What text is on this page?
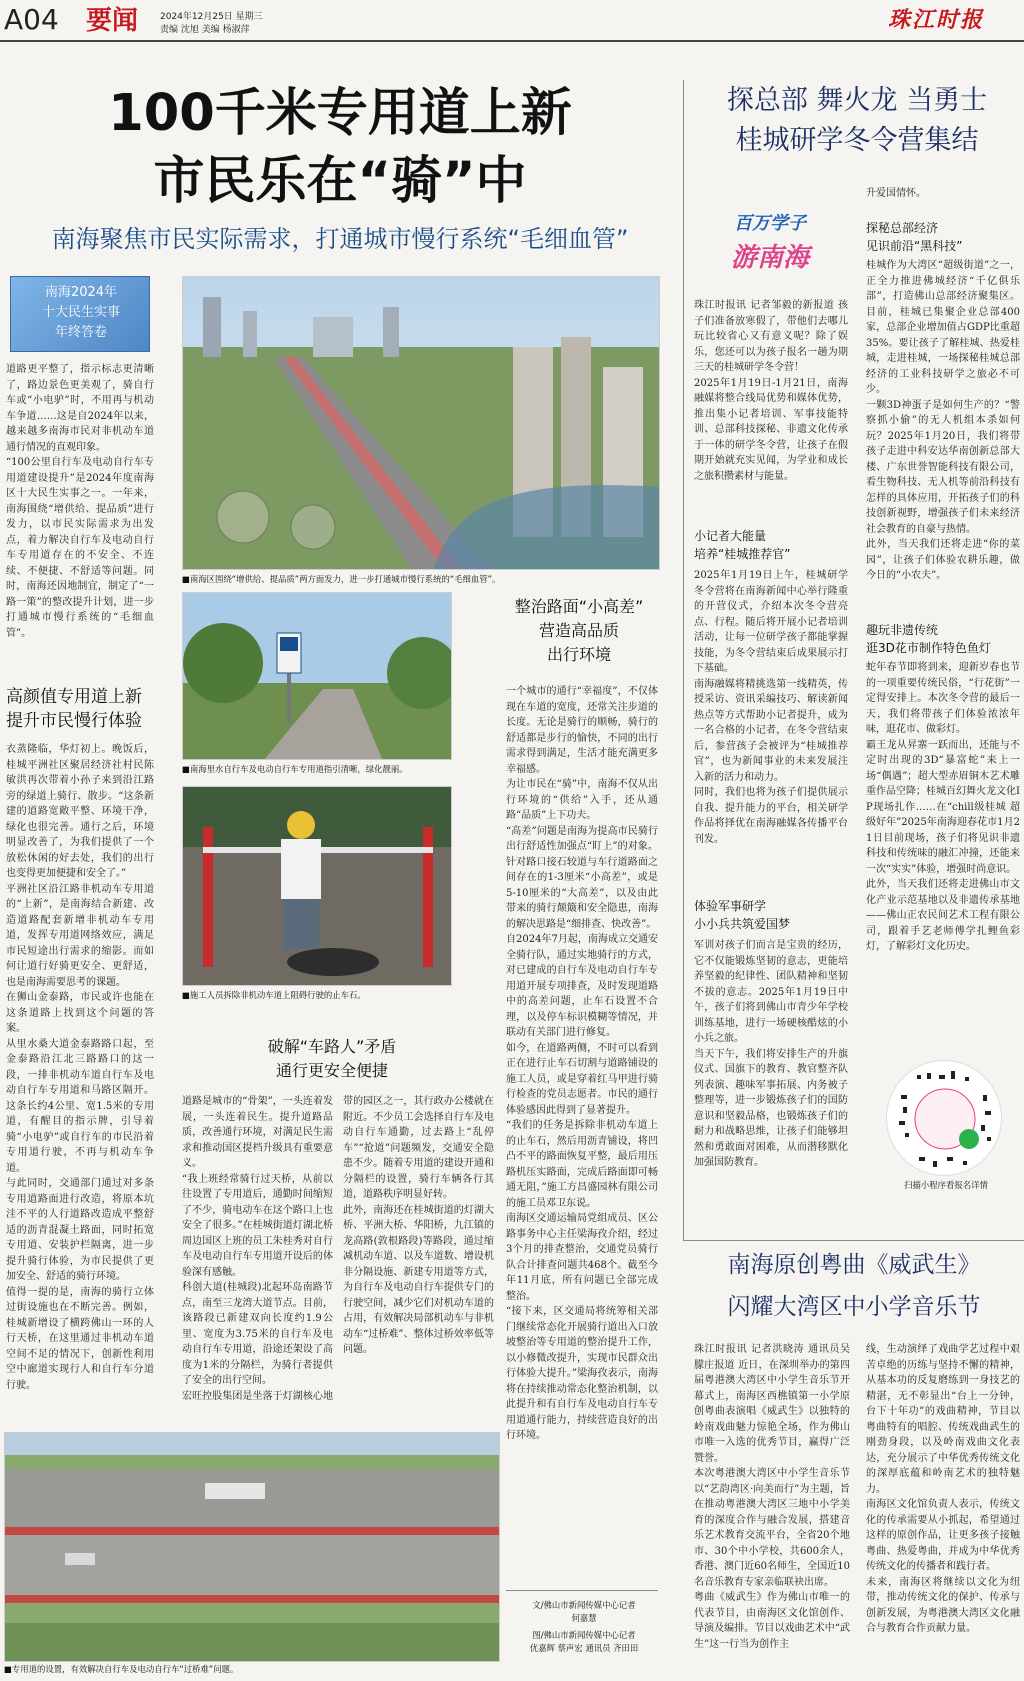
A04 要闻 2024年12月25日 星期三
责编 沈旭 美编 杨淑萍	珠江时报
100千米专用道上新
市民乐在“骑”中
南海聚焦市民实际需求，打通城市慢行系统“毛细血管”
探总部 舞火龙 当勇士
桂城研学冬令营集结
南海2024年
十大民生实事
年终答卷
道路更平整了，指示标志更清晰了，路边景色更美观了，骑自行车或“小电驴”时，不用再与机动车争道……这是自2024年以来，越来越多南海市民对非机动车道通行情况的直观印象。
“100公里自行车及电动自行车专用道建设提升”是2024年度南海区十大民生实事之一。一年来，南海围绕“增供给、提品质”进行发力，以市民实际需求为出发点，着力解决自行车及电动自行车专用道存在的不安全、不连续、不便捷、不舒适等问题。同时，南海还因地制宜，制定了“一路一策”的整改提升计划，进一步打通城市慢行系统的“毛细血管”。
高颜值专用道上新
提升市民慢行体验
衣蒸隆临，华灯初上。晚饭后，桂城平洲社区聚居经济社村民陈敏洪再次带着小孙子来到沿江路旁的绿道上骑行、散步。“这条新建的道路宽敞平整、环境干净，绿化也很完善。通行之后，环境明显改善了，为我们提供了一个放松休闲的好去处，我们的出行也变得更加便捷和安全了。”
平洲社区沿江路非机动车专用道的“上新”，是南海结合新建、改造道路配套新增非机动车专用道，发挥专用道网络效应，满足市民短途出行需求的缩影。而如何让道行好骑更安全、更舒适，也是南海需要思考的课题。
在狮山金泰路，市民或许也能在这条道路上找到这个问题的答案。
从里水桑大道金泰路路口起，至金泰路沿江北三路路口的这一段，一排非机动车道自行车及电动自行车专用道和马路区隔开。这条长约4公里、宽1.5米的专用道，有醒目的指示牌，引导着骑“小电驴”或自行车的市民沿着专用道行驶，不再与机动车争道。
与此同时，交通部门通过对多条专用道路面进行改造，将原本坑洼不平的人行道路改造成平整舒适的沥青混凝土路面，同时拓宽专用道、安装护栏隔离，进一步提升骑行体验，为市民提供了更加安全、舒适的骑行环境。
值得一提的是，南海的骑行立体过街设施也在不断完善。例如，桂城新增设了横跨佛山一环的人行天桥，在这里通过非机动车道空间不足的情况下，创新性利用空中廊道实现行人和自行车分道行驶。
■南海区围绕“增供给、提品质”两方面发力，进一步打通城市慢行系统的“毛细血管”。
■南海里水自行车及电动自行车专用道指引清晰，绿化靓丽。
■施工人员拆除非机动车道上阻碍行驶的止车石。
整治路面“小高差”
营造高品质
出行环境
一个城市的通行“幸福度”，不仅体现在车道的宽度，还常关注步道的长度。无论是骑行的顺畅，骑行的舒适都是步行的愉快，不同的出行需求得到满足，生活才能充满更多幸福感。
为让市民在“骑”中，南海不仅从出行环境的“供给”入手，还从通路“品质”上下功夫。
“高差”问题是南海为提高市民骑行出行舒适性加强点“盯上”的对象。针对路口接石较道与车行道路面之间存在的1-3厘米“小高差”，或是5-10厘米的“大高差”，以及由此带来的骑行颠簸和安全隐患，南海的解决思路是“细排查、快改善”。
自2024年7月起，南海成立交通安全骑行队，通过实地骑行的方式，对已建成的自行车及电动自行车专用道开展专项排查，及时发现道路中的高差问题，止车石设置不合理，以及停车标识模糊等情况，并联动有关部门进行修复。
如今，在道路两侧，不时可以看到正在进行止车石切割与道路铺设的施工人员，或是穿着红马甲进行骑行检查的党员志愿者。市民的通行体验感因此得到了显著提升。
“我们的任务是拆除非机动车道上的止车石，然后用沥青铺设，将凹凸不平的路面恢复平整，最后用压路机压实路面，完成后路面即可畅通无阻，”施工方昌盛园林有限公司的施工员邓卫东说。
南海区交通运输局党组成员、区公路事务中心主任梁海孜介绍，经过3个月的排查整治，交通党员骑行队合计排查问题共468个。截至今年11月底，所有问题已全部完成整治。
“接下来，区交通局将统筹相关部门继续常态化开展骑行道出入口放坡整治等专用道的整治提升工作，以小修微改提升，实现市民群众出行体验大提升。”梁海孜表示，南海将在持续推动常态化整治机制，以此提升和有自行车及电动自行车专用道通行能力，持续营造良好的出行环境。
破解“车路人”矛盾
通行更安全便捷
道路是城市的“骨架”，一头连着发展，一头连着民生。提升道路品质，改善通行环境，对满足民生需求和推动国区提档升级具有重要意义。
“我上班经常骑行过天桥，从前以往设置了专用道后，通勤时间缩短了不少，骑电动车在这个路口上也安全了很多。”在桂城街道灯湖北桥周边国区上班的员工朱桂秀对自行车及电动自行车专用道开设后的体验深有感触。
科创大道(桂城段)北起环岛南路节点，南至三龙湾大道节点。目前，该路段已新建双向长度约1.9公里、宽度为3.75米的自行车及电动自行车专用道，沿途还架设了高度为1米的分隔栏，为骑行者提供了安全的出行空间。
宏旺控股集团是坐落于灯湖核心地带的园区之一，其行政办公楼就在附近。不少员工会选择自行车及电动自行车通勤，过去路上“乱停车”“抢道”问题频发，交通安全隐患不少。随着专用道的建设开通和分隔栏的设置，骑行车辆各行其道，道路秩序明显好转。
此外，南海还在桂城街道的灯湖大桥、平洲大桥、华阳桥，九江镇的龙高路(敦根路段)等路段，通过缩减机动车道、以及车道数、增设机非分隔设施、新建专用道等方式，为自行车及电动自行车提供专门的行驶空间，减少它们对机动车道的占用，有效解决局部机动车与非机动车“过桥难”、整体过桥效率低等问题。
■专用道的设置，有效解决自行车及电动自行车“过桥难”问题。
文/佛山市新闻传媒中心记者
何嘉慧
图/佛山市新闻传媒中心记者
优嘉辉 蔡声宏 通讯员 齐田田
百万学子
游南海
珠江时报讯 记者邹毅的新报道 孩子们准备放寒假了，带他们去哪儿玩比较省心又有意义呢？除了娱乐，您还可以为孩子报名一趟为期三天的桂城研学冬令营！
2025年1月19日-1月21日，南海融媒将整合线局优势和媒体优势，推出集小记者培训、军事技能特训、总部科技探秘、非遗文化传承于一体的研学冬令营，让孩子在假期开始就充实见闻，为学业和成长之旅积攒素材与能量。
小记者大能量
培养“桂城推荐官”
2025年1月19日上午，桂城研学冬令营将在南海新闻中心举行隆重的开营仪式，介绍本次冬令营亮点、行程。随后将开展小记者培训活动，让每一位研学孩子都能掌握技能，为冬令营结束后成果展示打下基础。
南海融媒将精挑选第一线精英，传授采访、资讯采编技巧、解读新闻热点等方式帮助小记者提升，成为一名合格的小记者，在冬令营结束后，参营孩子会被评为“桂城推荐官”，也为新闻事业的未来发展注入新的活力和动力。
同时，我们也将为孩子们提供展示自我、提升能力的平台，相关研学作品将择优在南海融媒各传播平台刊发。
体验军事研学
小小兵共筑爱国梦
军训对孩子们而言是宝贵的经历，它不仅能锻炼坚韧的意志，更能培养坚毅的纪律性、团队精神和坚韧不拔的意志。2025年1月19日中午，孩子们将到佛山市青少年学校训练基地，进行一场硬核酷炫的小小兵之旅。
当天下午，我们将安排生产的升旗仪式、国旗下的教育、教官整齐队列表演、趣味军事拓展、内务被子整理等，进一步锻炼孩子们的国防意识和坚毅品格，也锻炼孩子们的耐力和战略思维，让孩子们能够坦然和勇敢面对困难，从而潜移默化加强国防教育。
升爱国情怀。
探秘总部经济
见识前沿“黑科技”
桂城作为大湾区“超级街道”之一，正全力推进佛城经济“千亿俱乐部”，打造佛山总部经济聚集区。目前，桂城已集聚企业总部400家，总部企业增加值占GDP比重超35%。要让孩子了解桂城、热爱桂城，走进桂城，一场探秘桂城总部经济的工业科技研学之旅必不可少。
一颗3D神蛋子是如何生产的？“警察抓小偷”的无人机组本杀如何玩？2025年1月20日，我们将带孩子走进中科安达华南创新总部大楼、广东世誉智能科技有限公司，看生物科技、无人机等前沿科技有怎样的具体应用，开拓孩子们的科技创新视野，增强孩子们未来经济社会教育的自豪与热情。
此外，当天我们还将走进“你的菜园”，让孩子们体验农耕乐趣，做今日的“小农夫”。
趣玩非遗传统
逛3D花市制作特色鱼灯
蛇年春节即将到来，迎新岁春也节的一项重要传统民俗，“行花街”一定得安排上。本次冬令营的最后一天，我们将带孩子们体验浓浓年味，逛花市、做彩灯。
霸王龙从昇寨一跃而出，还能与不定时出现的3D“暴富蛇”来上一场“偶遇”；超大型赤眉铜木艺术雕重作品空降；桂城百幻舞火龙文化IP现场扎作……在“chill级桂城 超级好年”2025年南海迎春花市1月21日目前现场，孩子们将见识非遗科技和传统味的融汇冲撞，还能来一次“实实”体验，增强时尚意识。
此外，当天我们还将走进佛山市文化产业示范基地以及非遗传承基地——佛山正农民间艺术工程有限公司，跟着手艺老师傅学扎鲤鱼彩灯，了解彩灯文化历史。
扫描小程序看报名详情
南海原创粤曲《威武生》
闪耀大湾区中小学音乐节
珠江时报讯 记者洪晓涛 通讯员吴朦庄报道 近日，在深圳举办的第四届粤港澳大湾区中小学生音乐节开幕式上，南海区西樵镇第一小学原创粤曲表演唱《威武生》以独特的岭南戏曲魅力惊艳全场，作为佛山市唯一入选的优秀节目，赢得广泛赞誉。
本次粤港澳大湾区中小学生音乐节以“艺韵湾区·向美而行”为主题，旨在推动粤港澳大湾区三地中小学美育的深度合作与融合发展，搭建音乐艺术教育交流平台，全省20个地市、30个中小学校，共600余人，香港、澳门近60名师生，全国近10名音乐教育专家亲临联袂出席。
粤曲《威武生》作为佛山市唯一的代表节目，由南海区文化馆创作、导演及编排。节目以戏曲艺术中“武生”这一行当为创作主
线，生动演绎了戏曲学艺过程中艰苦卓绝的历练与坚持不懈的精神，从基本功的反复磨练到一身技艺的精湛，无不彰显出“台上一分钟，台下十年功”的戏曲精神，节目以粤曲特有的唱腔、传统戏曲武生的刚劲身段，以及岭南戏曲文化表达，充分展示了中华优秀传统文化的深厚底蕴和岭南艺术的独特魅力。
南海区文化馆负责人表示，传统文化的传承需要从小抓起，希望通过这样的原创作品，让更多孩子接触粤曲、热爱粤曲，并成为中华优秀传统文化的传播者和践行者。
未来，南海区将继续以文化为纽带，推动传统文化的保护、传承与创新发展，为粤港澳大湾区文化融合与教育合作贡献力量。
